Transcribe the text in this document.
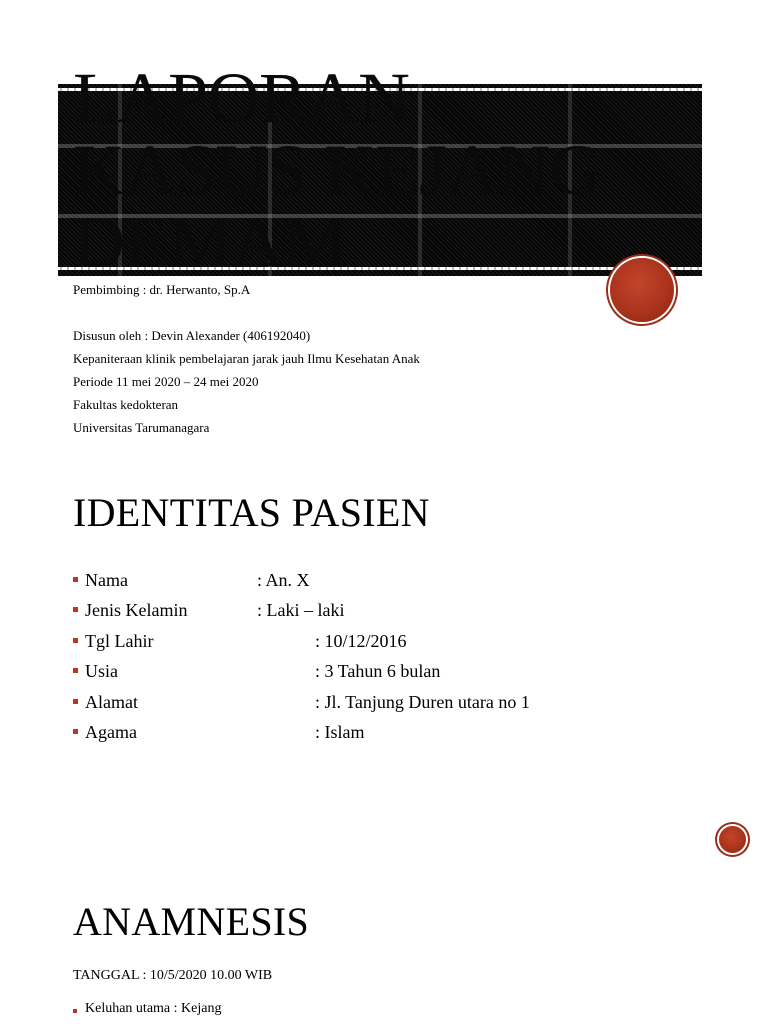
LAPORAN
KASUS KEJANG
DEMAM
Pembimbing : dr. Herwanto, Sp.A
Disusun oleh : Devin Alexander (406192040)
Kepaniteraan klinik pembelajaran jarak jauh Ilmu Kesehatan Anak
Periode 11 mei 2020 – 24 mei 2020
Fakultas kedokteran
Universitas Tarumanagara
IDENTITAS PASIEN
Nama	: An. X
Jenis Kelamin	: Laki – laki
Tgl Lahir	: 10/12/2016
Usia	: 3 Tahun 6 bulan
Alamat	: Jl. Tanjung Duren utara no 1
Agama	: Islam
ANAMNESIS
TANGGAL : 10/5/2020 10.00 WIB
Keluhan utama : Kejang
